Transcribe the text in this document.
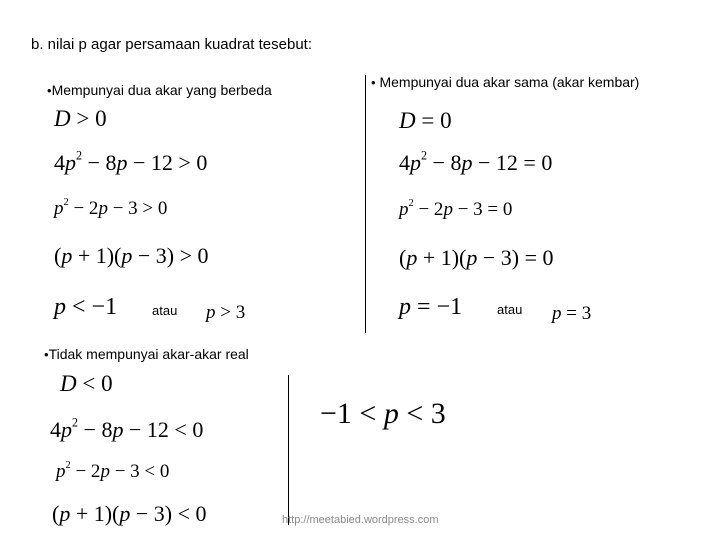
b. nilai p agar persamaan kuadrat tesebut:
•Mempunyai dua akar yang berbeda
D > 0
$4p^2 - 8p - 12 > 0$
$p^2 - 2p - 3 > 0$
(p + 1)(p − 3) > 0
p < −1	atau p > 3
• Mempunyai dua akar sama (akar kembar)
D = 0
$4p^2 - 8p - 12 = 0$
$p^2 - 2p - 3 = 0$
(p + 1)(p − 3) = 0
p = −1	atau p = 3
•Tidak mempunyai akar-akar real
D < 0
$4p^2 - 8p - 12 < 0$
$p^2 - 2p - 3 < 0$
(p + 1)(p − 3) < 0
−1 < p < 3
http://meetabied.wordpress.com
